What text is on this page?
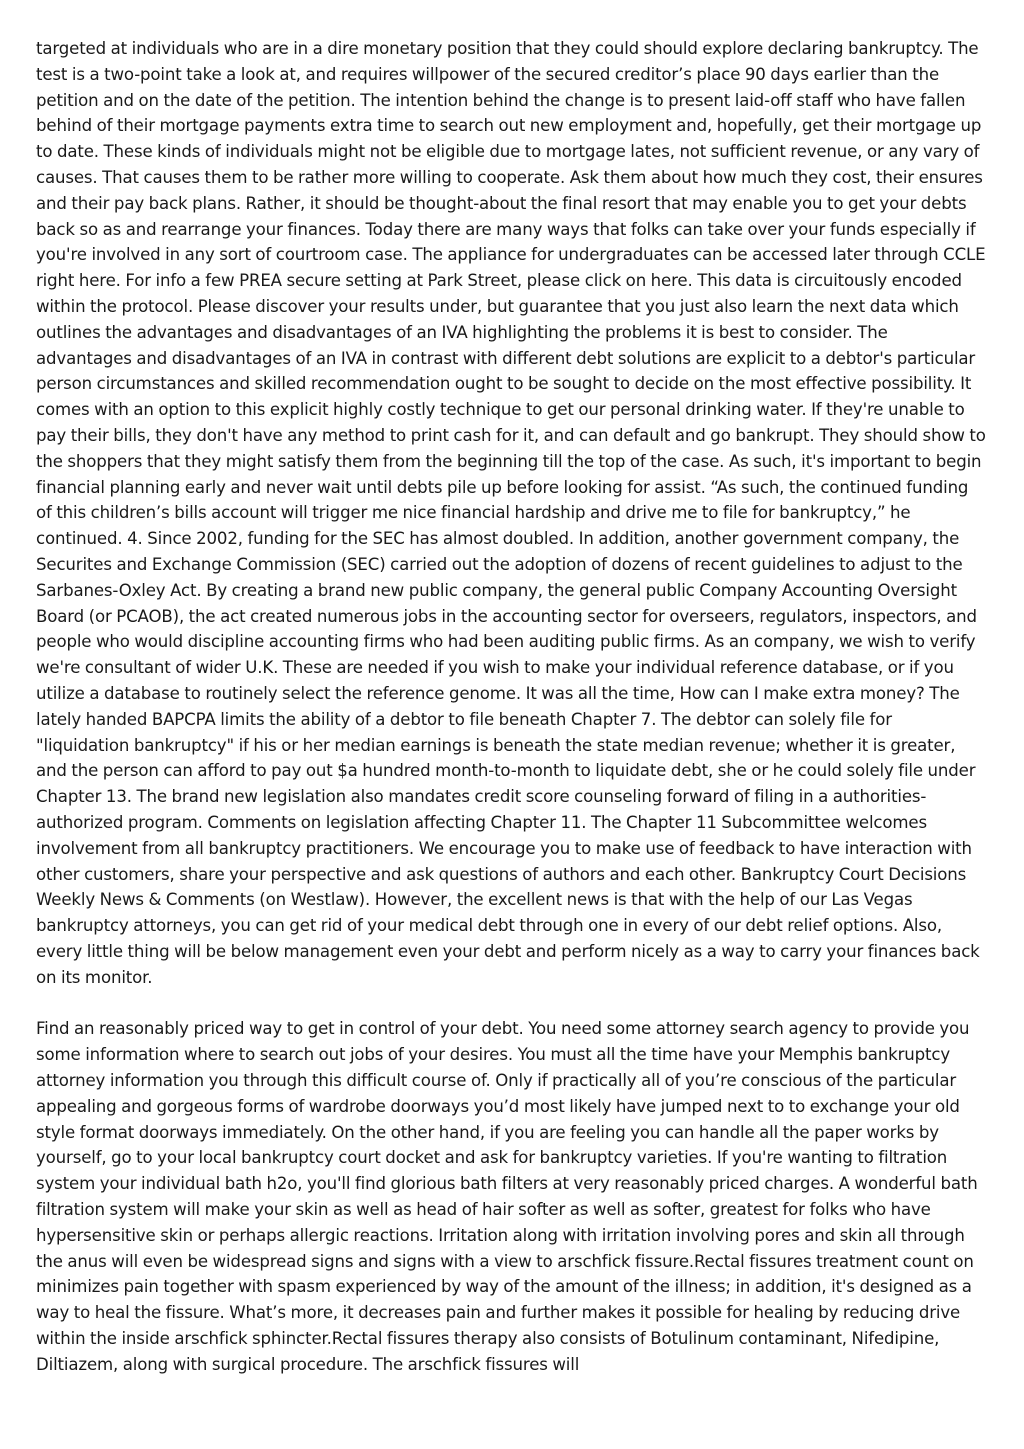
targeted at individuals who are in a dire monetary position that they could should explore declaring bankruptcy. The test is a two-point take a look at, and requires willpower of the secured creditor’s place 90 days earlier than the petition and on the date of the petition. The intention behind the change is to present laid-off staff who have fallen behind of their mortgage payments extra time to search out new employment and, hopefully, get their mortgage up to date. These kinds of individuals might not be eligible due to mortgage lates, not sufficient revenue, or any vary of causes. That causes them to be rather more willing to cooperate. Ask them about how much they cost, their ensures and their pay back plans. Rather, it should be thought-about the final resort that may enable you to get your debts back so as and rearrange your finances. Today there are many ways that folks can take over your funds especially if you're involved in any sort of courtroom case. The appliance for undergraduates can be accessed later through CCLE right here. For info a few PREA secure setting at Park Street, please click on here. This data is circuitously encoded within the protocol. Please discover your results under, but guarantee that you just also learn the next data which outlines the advantages and disadvantages of an IVA highlighting the problems it is best to consider. The advantages and disadvantages of an IVA in contrast with different debt solutions are explicit to a debtor's particular person circumstances and skilled recommendation ought to be sought to decide on the most effective possibility. It comes with an option to this explicit highly costly technique to get our personal drinking water. If they're unable to pay their bills, they don't have any method to print cash for it, and can default and go bankrupt. They should show to the shoppers that they might satisfy them from the beginning till the top of the case. As such, it's important to begin financial planning early and never wait until debts pile up before looking for assist. “As such, the continued funding of this children’s bills account will trigger me nice financial hardship and drive me to file for bankruptcy,” he continued. 4. Since 2002, funding for the SEC has almost doubled. In addition, another government company, the Securites and Exchange Commission (SEC) carried out the adoption of dozens of recent guidelines to adjust to the Sarbanes-Oxley Act. By creating a brand new public company, the general public Company Accounting Oversight Board (or PCAOB), the act created numerous jobs in the accounting sector for overseers, regulators, inspectors, and people who would discipline accounting firms who had been auditing public firms. As an company, we wish to verify we're consultant of wider U.K. These are needed if you wish to make your individual reference database, or if you utilize a database to routinely select the reference genome. It was all the time, How can I make extra money? The lately handed BAPCPA limits the ability of a debtor to file beneath Chapter 7. The debtor can solely file for "liquidation bankruptcy" if his or her median earnings is beneath the state median revenue; whether it is greater, and the person can afford to pay out $a hundred month-to-month to liquidate debt, she or he could solely file under Chapter 13. The brand new legislation also mandates credit score counseling forward of filing in a authorities-authorized program. Comments on legislation affecting Chapter 11. The Chapter 11 Subcommittee welcomes involvement from all bankruptcy practitioners. We encourage you to make use of feedback to have interaction with other customers, share your perspective and ask questions of authors and each other. Bankruptcy Court Decisions Weekly News & Comments (on Westlaw). However, the excellent news is that with the help of our Las Vegas bankruptcy attorneys, you can get rid of your medical debt through one in every of our debt relief options. Also, every little thing will be below management even your debt and perform nicely as a way to carry your finances back on its monitor.

Find an reasonably priced way to get in control of your debt. You need some attorney search agency to provide you some information where to search out jobs of your desires. You must all the time have your Memphis bankruptcy attorney information you through this difficult course of. Only if practically all of you’re conscious of the particular appealing and gorgeous forms of wardrobe doorways you’d most likely have jumped next to to exchange your old style format doorways immediately. On the other hand, if you are feeling you can handle all the paper works by yourself, go to your local bankruptcy court docket and ask for bankruptcy varieties. If you're wanting to filtration system your individual bath h2o, you'll find glorious bath filters at very reasonably priced charges. A wonderful bath filtration system will make your skin as well as head of hair softer as well as softer, greatest for folks who have hypersensitive skin or perhaps allergic reactions. Irritation along with irritation involving pores and skin all through the anus will even be widespread signs and signs with a view to arschfick fissure.Rectal fissures treatment count on minimizes pain together with spasm experienced by way of the amount of the illness; in addition, it's designed as a way to heal the fissure. What’s more, it decreases pain and further makes it possible for healing by reducing drive within the inside arschfick sphincter.Rectal fissures therapy also consists of Botulinum contaminant, Nifedipine, Diltiazem, along with surgical procedure. The arschfick fissures will
